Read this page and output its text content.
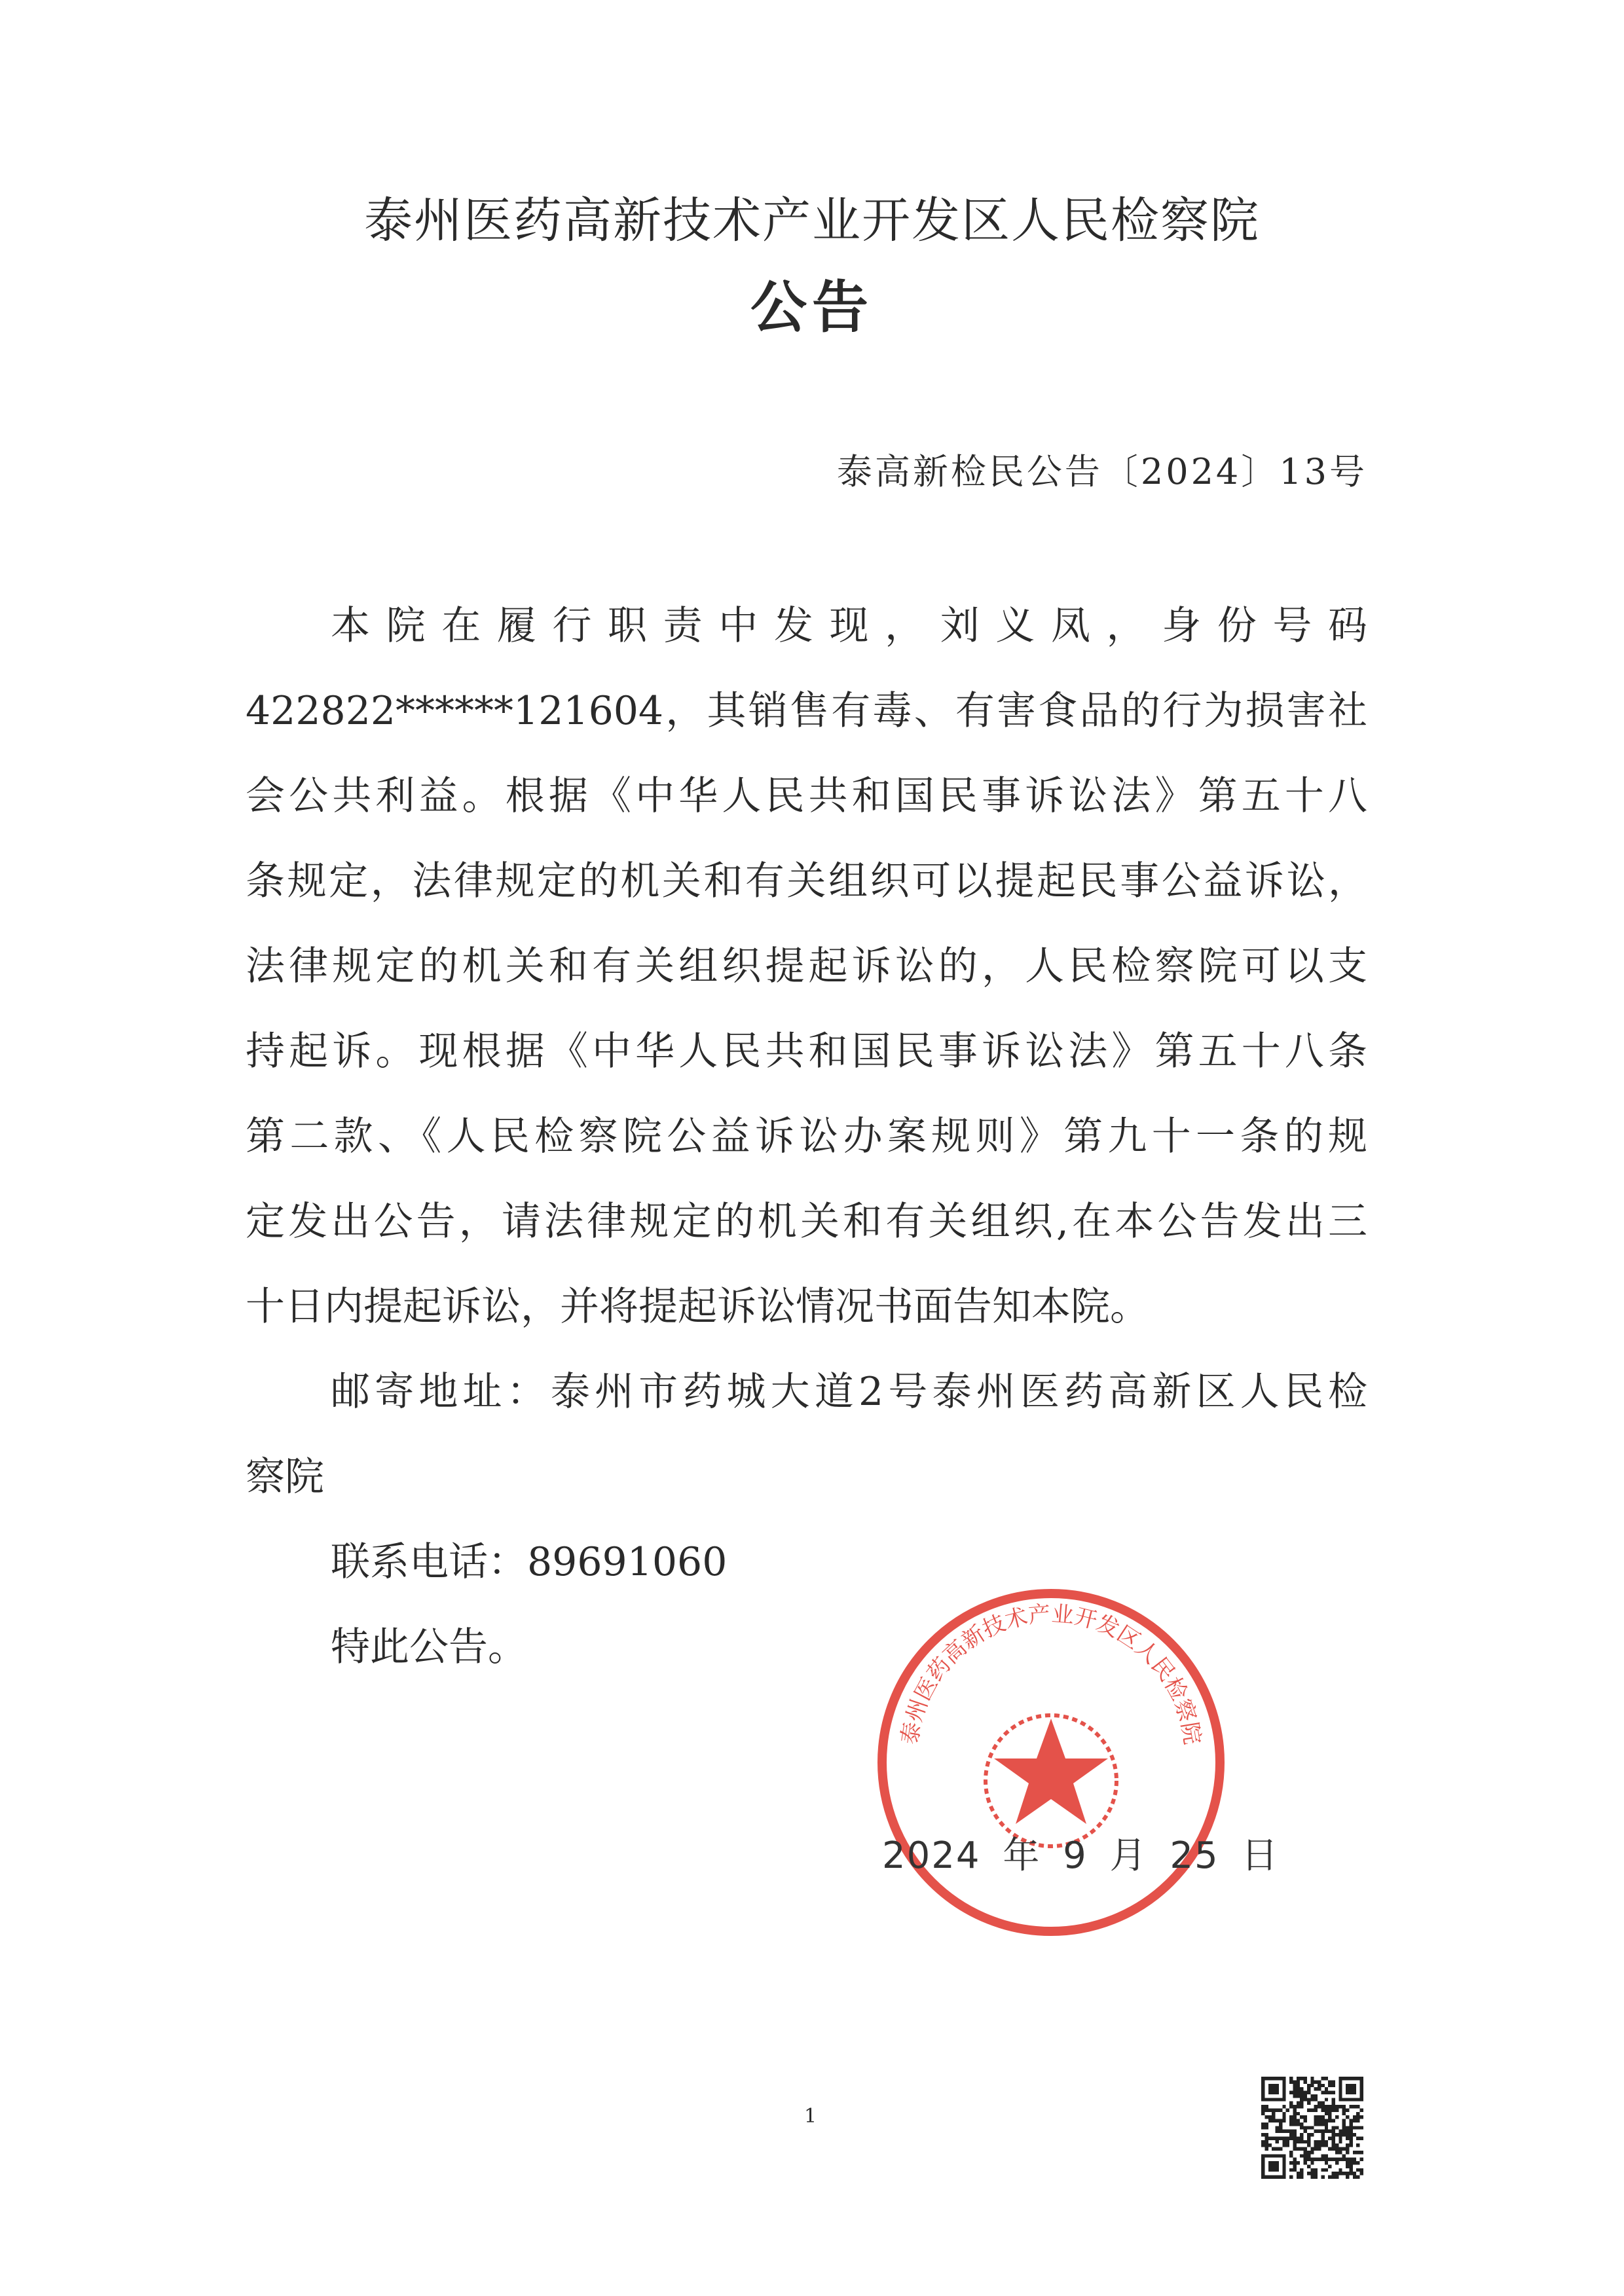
泰州医药高新技术产业开发区人民检察院
公告
泰高新检民公告〔2024〕13号
本院在履行职责中发现，刘义凤，身份号码
422822******121604，其销售有毒、有害食品的行为损害社
会公共利益。根据《中华人民共和国民事诉讼法》第五十八
条规定，法律规定的机关和有关组织可以提起民事公益诉讼，
法律规定的机关和有关组织提起诉讼的，人民检察院可以支
持起诉。现根据《中华人民共和国民事诉讼法》第五十八条
第二款、《人民检察院公益诉讼办案规则》第九十一条的规
定发出公告，请法律规定的机关和有关组织,在本公告发出三
十日内提起诉讼，并将提起诉讼情况书面告知本院。
邮寄地址：泰州市药城大道2号泰州医药高新区人民检
察院
联系电话：89691060
特此公告。
泰州医药高新技术产业开发区人民检察院
2024 年 9 月 25 日
1
